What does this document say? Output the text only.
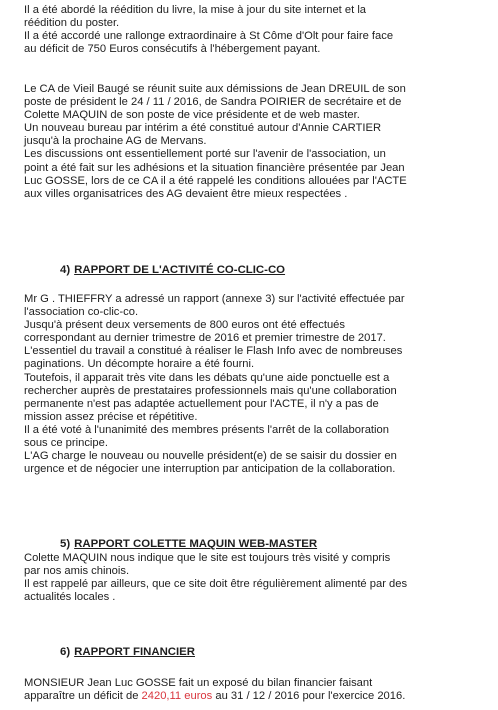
Il a été abordé la réédition du livre, la mise à jour du site internet et la
réédition du poster.
Il a été accordé une rallonge extraordinaire à St Côme d'Olt pour faire face
au déficit de 750 Euros consécutifs à l'hébergement payant.
Le CA de Vieil Baugé se réunit suite aux démissions de Jean DREUIL de son
poste de président le 24 / 11 / 2016, de Sandra POIRIER de secrétaire et de
Colette MAQUIN de son poste de vice présidente et de web master.
Un nouveau bureau par intérim a été constitué autour d'Annie CARTIER
jusqu'à la prochaine AG de Mervans.
Les discussions ont essentiellement porté sur l'avenir de l'association, un
point a été fait sur les adhésions et la situation financière présentée par Jean
Luc GOSSE, lors de ce CA il a été rappelé les conditions allouées par l'ACTE
aux villes organisatrices des AG devaient être mieux respectées .
4) RAPPORT DE L'ACTIVITÉ CO-CLIC-CO
Mr G . THIEFFRY a adressé un rapport (annexe 3) sur l'activité effectuée par
l'association co-clic-co.
Jusqu'à présent deux versements de 800 euros ont été effectués
correspondant au dernier trimestre de 2016 et premier trimestre de 2017.
L'essentiel du travail a constitué à réaliser le Flash Info avec de nombreuses
paginations. Un décompte horaire a été fourni.
Toutefois, il apparait très vite dans les débats qu'une aide ponctuelle est a
rechercher auprès de prestataires professionnels mais qu'une collaboration
permanente n'est pas adaptée actuellement pour l'ACTE, il n'y a pas de
mission assez précise et répétitive.
Il a été voté à l'unanimité des membres présents l'arrêt de la collaboration
sous ce principe.
L'AG charge le nouveau ou nouvelle président(e) de se saisir du dossier en
urgence et de négocier une interruption par anticipation de la collaboration.
5) RAPPORT COLETTE MAQUIN WEB-MASTER
Colette MAQUIN nous indique que le site est toujours très visité y compris
par nos amis chinois.
Il est rappelé par ailleurs, que ce site doit être régulièrement alimenté par des
actualités locales .
6) RAPPORT FINANCIER
MONSIEUR Jean Luc GOSSE fait un exposé du bilan financier faisant
apparaître un déficit de 2420,11 euros au 31 / 12 / 2016 pour l'exercice 2016.
